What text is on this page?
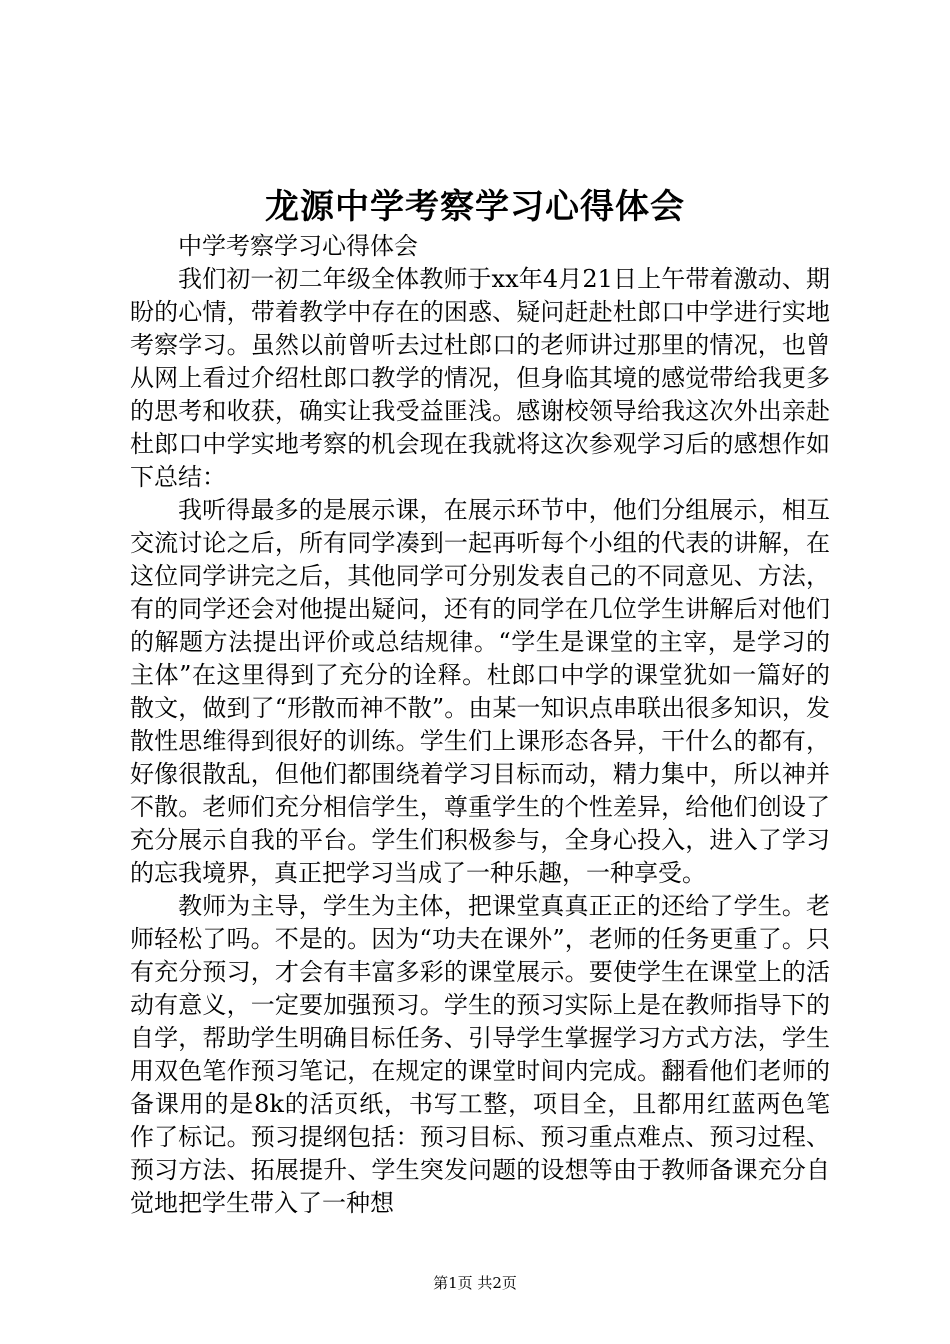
龙源中学考察学习心得体会

中学考察学习心得体会

我们初一初二年级全体教师于xx年4月21日上午带着激动、期盼的心情，带着教学中存在的困惑、疑问赶赴杜郎口中学进行实地考察学习。虽然以前曾听去过杜郎口的老师讲过那里的情况，也曾从网上看过介绍杜郎口教学的情况，但身临其境的感觉带给我更多的思考和收获，确实让我受益匪浅。感谢校领导给我这次外出亲赴杜郎口中学实地考察的机会现在我就将这次参观学习后的感想作如下总结：

我听得最多的是展示课，在展示环节中，他们分组展示，相互交流讨论之后，所有同学凑到一起再听每个小组的代表的讲解，在这位同学讲完之后，其他同学可分别发表自己的不同意见、方法，有的同学还会对他提出疑问，还有的同学在几位学生讲解后对他们的解题方法提出评价或总结规律。“学生是课堂的主宰，是学习的主体”在这里得到了充分的诠释。杜郎口中学的课堂犹如一篇好的散文，做到了“形散而神不散”。由某一知识点串联出很多知识，发散性思维得到很好的训练。学生们上课形态各异，干什么的都有，好像很散乱，但他们都围绕着学习目标而动，精力集中，所以神并不散。老师们充分相信学生，尊重学生的个性差异，给他们创设了充分展示自我的平台。学生们积极参与，全身心投入，进入了学习的忘我境界，真正把学习当成了一种乐趣，一种享受。

教师为主导，学生为主体，把课堂真真正正的还给了学生。老师轻松了吗。不是的。因为“功夫在课外”，老师的任务更重了。只有充分预习，才会有丰富多彩的课堂展示。要使学生在课堂上的活动有意义，一定要加强预习。学生的预习实际上是在教师指导下的自学，帮助学生明确目标任务、引导学生掌握学习方式方法，学生用双色笔作预习笔记，在规定的课堂时间内完成。翻看他们老师的备课用的是8k的活页纸，书写工整，项目全，且都用红蓝两色笔作了标记。预习提纲包括：预习目标、预习重点难点、预习过程、预习方法、拓展提升、学生突发问题的设想等由于教师备课充分自觉地把学生带入了一种想

第1页 共2页
